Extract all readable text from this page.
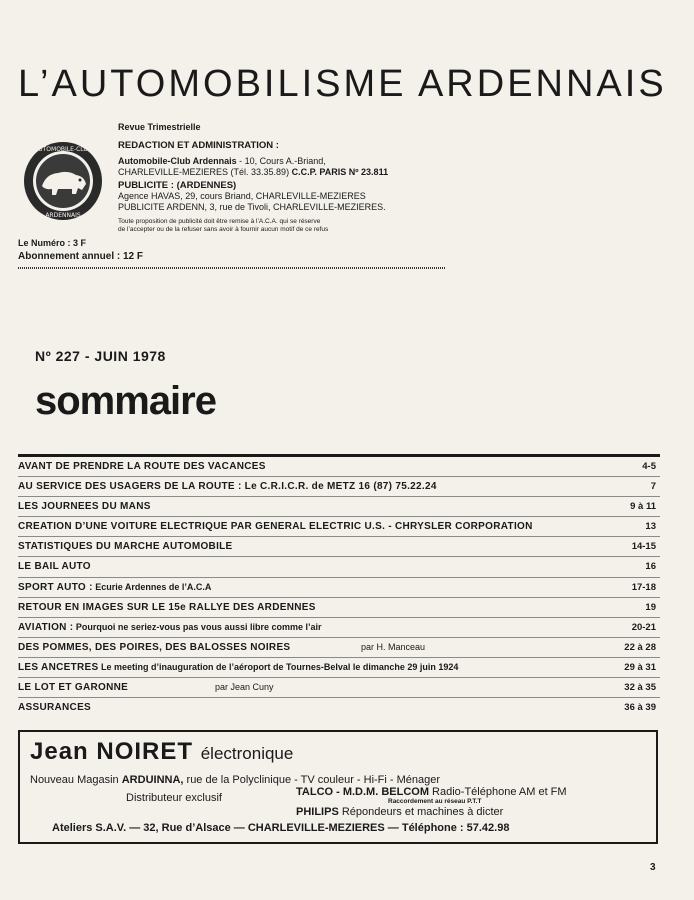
L’AUTOMOBILISME ARDENNAIS
AUTOMOBILE-CLUB
ARDENNAIS
Revue Trimestrielle
REDACTION ET ADMINISTRATION :
Automobile-Club Ardennais - 10, Cours A.-Briand,
CHARLEVILLE-MEZIERES (Tél. 33.35.89) C.C.P. PARIS Nº 23.811
PUBLICITE : (ARDENNES)
Agence HAVAS, 29, cours Briand, CHARLEVILLE-MEZIERES
PUBLICITE ARDENN, 3, rue de Tivoli, CHARLEVILLE-MEZIERES.
Toute proposition de publicité doit être remise à l’A.C.A. qui se réserve
de l’accepter ou de la refuser sans avoir à fournir aucun motif de ce refus
Le Numéro : 3 F
Abonnement annuel : 12 F
Nº 227 - JUIN 1978
sommaire
AVANT DE PRENDRE LA ROUTE DES VACANCES	4-5
AU SERVICE DES USAGERS DE LA ROUTE : Le C.R.I.C.R. de METZ 16 (87) 75.22.24	7
LES JOURNEES DU MANS	9 à 11
CREATION D’UNE VOITURE ELECTRIQUE PAR GENERAL ELECTRIC U.S. - CHRYSLER CORPORATION	13
STATISTIQUES DU MARCHE AUTOMOBILE	14-15
LE BAIL AUTO	16
SPORT AUTO : Ecurie Ardennes de l’A.C.A	17-18
RETOUR EN IMAGES SUR LE 15e RALLYE DES ARDENNES	19
AVIATION : Pourquoi ne seriez-vous pas vous aussi libre comme l’air	20-21
DES POMMES, DES POIRES, DES BALOSSES NOIRES	par H. Manceau	22 à 28
LES ANCETRES Le meeting d’inauguration de l’aéroport de Tournes-Belval le dimanche 29 juin 1924	29 à 31
LE LOT ET GARONNE	par Jean Cuny	32 à 35
ASSURANCES	36 à 39
Jean NOIRET électronique
Nouveau Magasin ARDUINNA, rue de la Polyclinique - TV couleur - Hi-Fi - Ménager
Distributeur exclusif	TALCO - M.D.M. BELCOM Radio-Téléphone AM et FM
Raccordement au réseau P.T.T
PHILIPS Répondeurs et machines à dicter
Ateliers S.A.V. — 32, Rue d’Alsace — CHARLEVILLE-MEZIERES — Téléphone : 57.42.98
3
